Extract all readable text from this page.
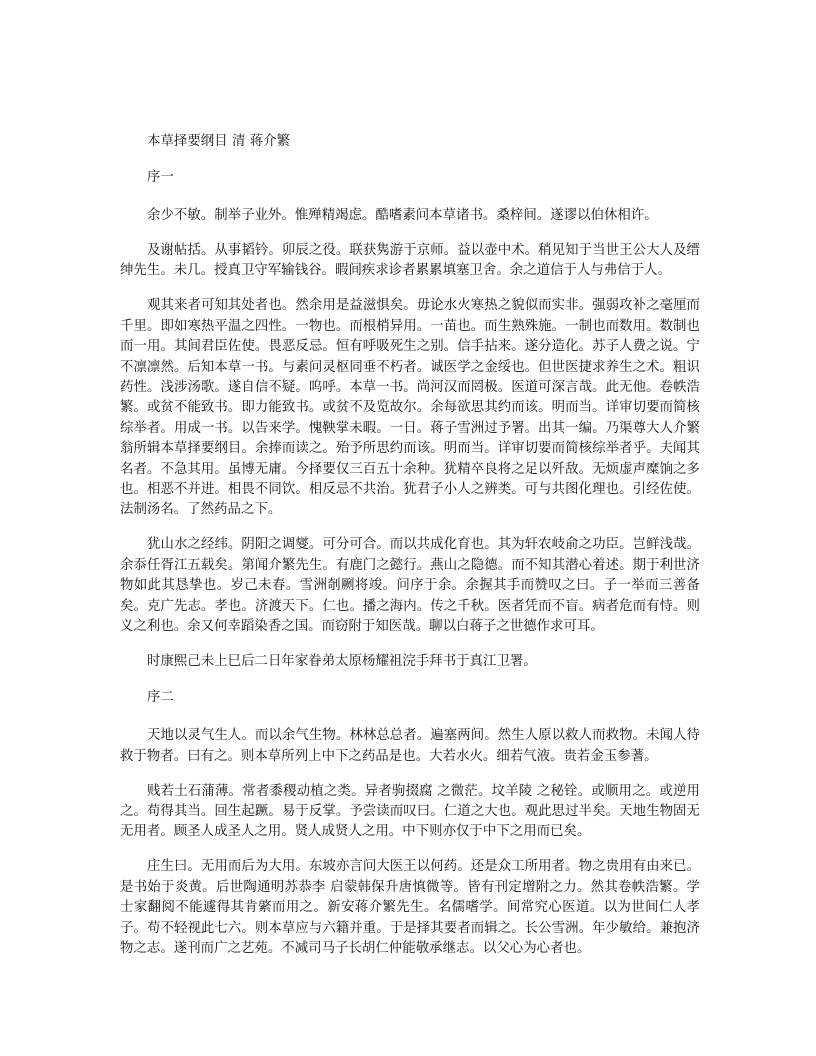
本草择要纲目 清 蒋介繁

序一

余少不敏。制举子业外。惟殚精竭虑。酷嗜素问本草诸书。桑梓间。遂谬以伯休相许。

及谢帖括。从事韬钤。卯辰之役。联获隽游于京师。益以壶中术。稍见知于当世王公大人及缙绅先生。未几。授真卫守军输钱谷。暇间疾求诊者累累填塞卫舍。余之道信于人与弗信于人。

观其来者可知其处者也。然余用是益滋惧矣。毋论水火寒热之貌似而实非。强弱攻补之毫厘而千里。即如寒热平温之四性。一物也。而根梢异用。一苗也。而生熟殊施。一制也而数用。数制也而一用。其间君臣佐使。畏恶反忌。恒有呼吸死生之别。信手拈来。遂分造化。苏子人费之说。宁不凛凛然。后知本草一书。与素问灵枢同垂不朽者。诚医学之金绥也。但世医捷求养生之术。粗识药性。浅涉汤歌。遂自信不疑。呜呼。本草一书。尚河汉而罔极。医道可深言哉。此无他。卷帙浩繁。或贫不能致书。即力能致书。或贫不及览故尔。余每欲思其约而该。明而当。详审切要而简核综举者。用成一书。以告来学。愧鞅掌未暇。一日。蒋子雪洲过予署。出其一编。乃渠尊大人介繁翁所辑本草择要纲目。余捧而读之。殆予所思约而该。明而当。详审切要而简核综举者乎。夫闻其名者。不急其用。虽博无庸。今择要仅三百五十余种。犹精卒良将之足以歼敌。无烦虚声糜饷之多也。相恶不并进。相畏不同饮。相反忌不共治。犹君子小人之辨类。可与共图化理也。引经佐使。法制汤名。了然药品之下。

犹山水之经纬。阴阳之调燮。可分可合。而以共成化育也。其为轩农岐俞之功臣。岂鲜浅哉。余忝任胥江五载矣。第闻介繁先生。有鹿门之懿行。燕山之隐德。而不知其潜心着述。期于利世济物如此其恳挚也。岁己未春。雪洲剞劂将竣。问序于余。余握其手而赞叹之曰。子一举而三善备矣。克广先志。孝也。济渡天下。仁也。播之海内。传之千秋。医者凭而不盲。病者危而有恃。则义之利也。余又何幸蹈染香之国。而窃附于知医哉。聊以白蒋子之世德作求可耳。

时康熙己未上巳后二日年家眷弟太原杨耀祖浣手拜书于真江卫署。

序二

天地以灵气生人。而以余气生物。林林总总者。遍塞两间。然生人原以救人而救物。未闻人待救于物者。曰有之。则本草所列上中下之药品是也。大若水火。细若气液。贵若金玉参蓍。

贱若土石蒲薄。常者黍稷动植之类。异者驹掇腐 之微茫。坟羊陵 之秘铨。或顺用之。或逆用之。苟得其当。回生起蹶。易于反掌。予尝读而叹曰。仁道之大也。观此思过半矣。天地生物固无无用者。顾圣人成圣人之用。贤人成贤人之用。中下则亦仅于中下之用而已矣。

庄生曰。无用而后为大用。东坡亦言问大医王以何药。还是众工所用者。物之贵用有由来已。是书始于炎黄。后世陶通明苏恭李 启蒙韩保升唐慎微等。皆有刊定增附之力。然其卷帙浩繁。学士家翻阅不能遽得其肯綮而用之。新安蒋介繁先生。名儒嗜学。间常究心医道。以为世间仁人孝子。苟不轻视此七六。则本草应与六籍并重。于是择其要者而辑之。长公雪洲。年少敏给。兼抱济物之志。遂刊而广之艺苑。不减司马子长胡仁仲能敬承继志。以父心为心者也。
